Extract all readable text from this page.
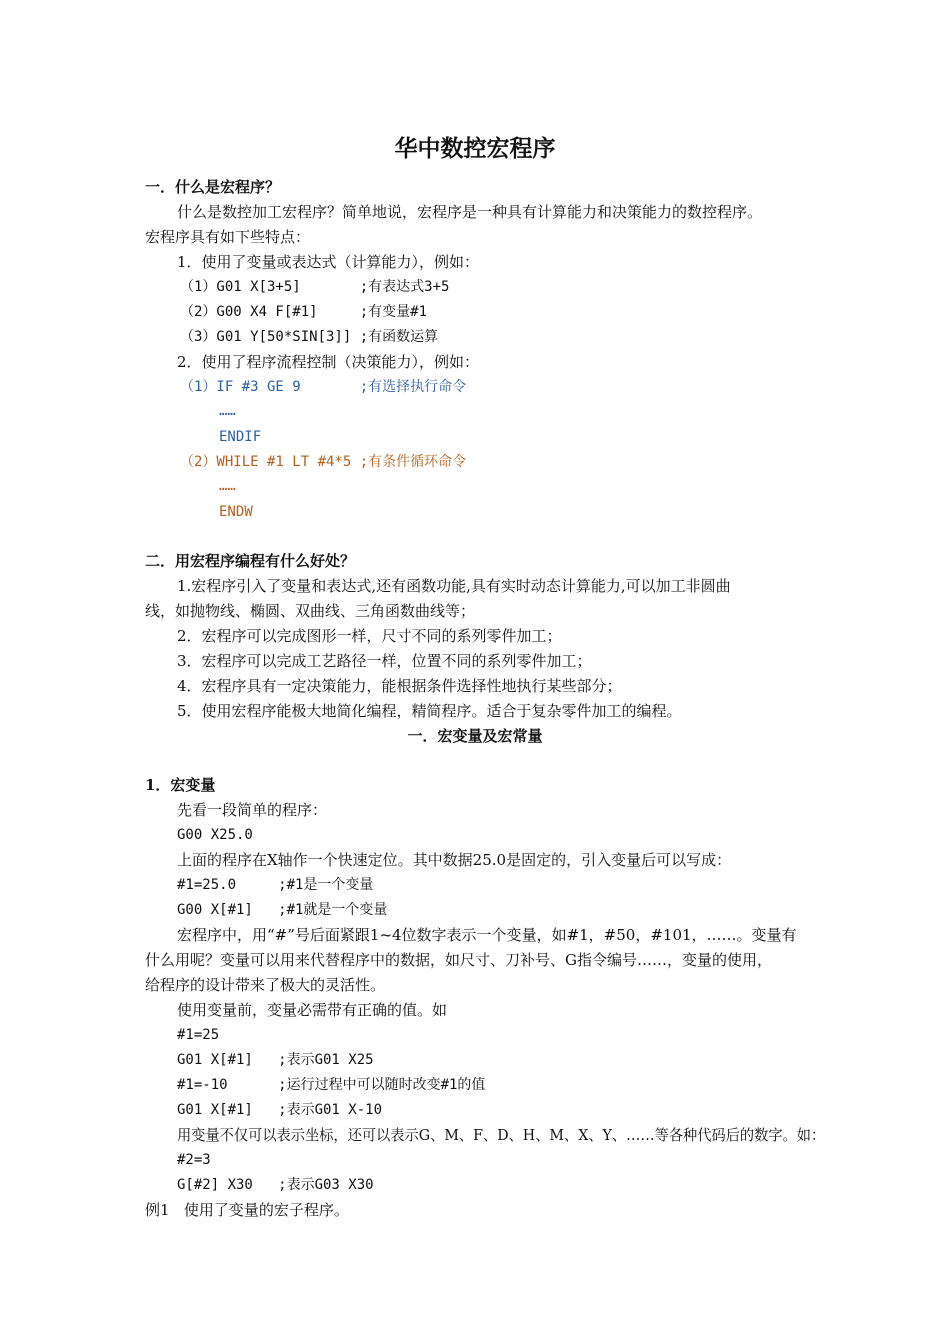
华中数控宏程序
一．什么是宏程序？
什么是数控加工宏程序？简单地说，宏程序是一种具有计算能力和决策能力的数控程序。
宏程序具有如下些特点：
1．使用了变量或表达式（计算能力），例如：
（1）G01 X[3+5]       ;有表达式3+5
（2）G00 X4 F[#1]     ;有变量#1
（3）G01 Y[50*SIN[3]] ;有函数运算
2．使用了程序流程控制（决策能力），例如：
（1）IF #3 GE 9       ;有选择执行命令
……
ENDIF
（2）WHILE #1 LT #4*5 ;有条件循环命令
……
ENDW
二．用宏程序编程有什么好处？
1.宏程序引入了变量和表达式,还有函数功能,具有实时动态计算能力,可以加工非圆曲
线，如抛物线、椭圆、双曲线、三角函数曲线等；
2．宏程序可以完成图形一样，尺寸不同的系列零件加工；
3．宏程序可以完成工艺路径一样，位置不同的系列零件加工；
4．宏程序具有一定决策能力，能根据条件选择性地执行某些部分；
5．使用宏程序能极大地简化编程，精简程序。适合于复杂零件加工的编程。
一．宏变量及宏常量
1．宏变量
先看一段简单的程序：
G00 X25.0
上面的程序在X轴作一个快速定位。其中数据25.0是固定的，引入变量后可以写成：
#1=25.0     ;#1是一个变量
G00 X[#1]   ;#1就是一个变量
宏程序中，用“#”号后面紧跟1~4位数字表示一个变量，如#1，#50，#101，……。变量有
什么用呢？变量可以用来代替程序中的数据，如尺寸、刀补号、G指令编号……，变量的使用，
给程序的设计带来了极大的灵活性。
使用变量前，变量必需带有正确的值。如
#1=25
G01 X[#1]   ;表示G01 X25
#1=-10      ;运行过程中可以随时改变#1的值
G01 X[#1]   ;表示G01 X-10
用变量不仅可以表示坐标，还可以表示G、M、F、D、H、M、X、Y、……等各种代码后的数字。如：
#2=3
G[#2] X30   ;表示G03 X30
例1   使用了变量的宏子程序。
